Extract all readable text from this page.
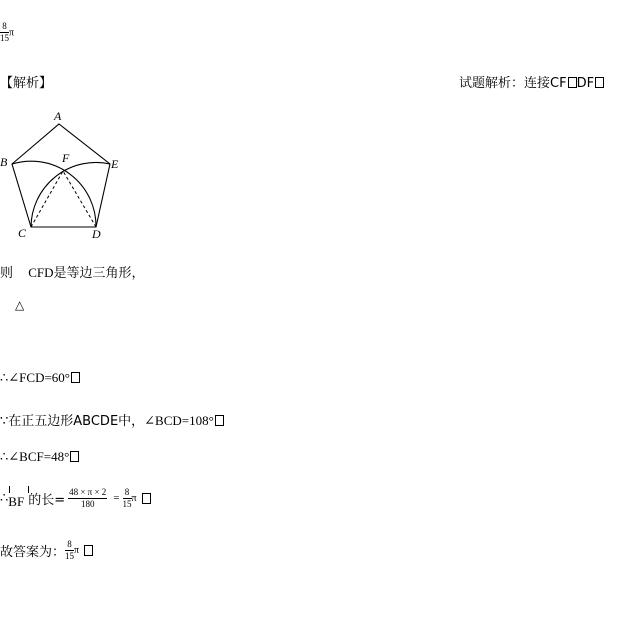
$\frac{8}{15}$ π
【解析】	试题解析：连接CF DF
A
B	E
F
C	D
则 CFD是等边三角形，
△
∴∠FCD=60°
∵在正五边形ABCDE中，∠BCD=108°
∴∠BCF=48°
∴ BF 的长= $\frac{48 \times \pi \times 2}{180} = \frac{8}{15}$ π
故答案为： $\frac{8}{15}$ π
